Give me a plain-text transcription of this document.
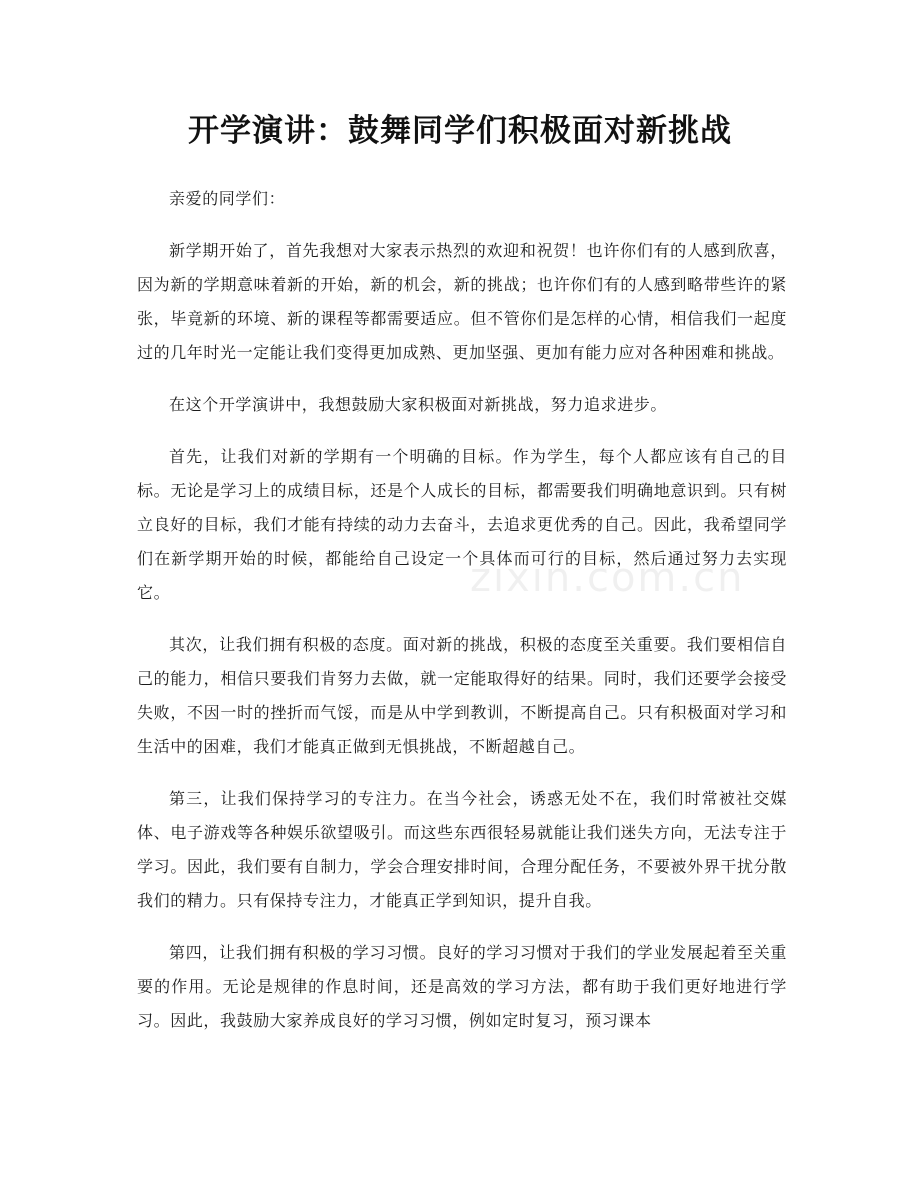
开学演讲：鼓舞同学们积极面对新挑战
zixin.com.cn

亲爱的同学们：

新学期开始了，首先我想对大家表示热烈的欢迎和祝贺！也许你们有的人感到欣喜，因为新的学期意味着新的开始，新的机会，新的挑战；也许你们有的人感到略带些许的紧张，毕竟新的环境、新的课程等都需要适应。但不管你们是怎样的心情，相信我们一起度过的几年时光一定能让我们变得更加成熟、更加坚强、更加有能力应对各种困难和挑战。

在这个开学演讲中，我想鼓励大家积极面对新挑战，努力追求进步。

首先，让我们对新的学期有一个明确的目标。作为学生，每个人都应该有自己的目标。无论是学习上的成绩目标，还是个人成长的目标，都需要我们明确地意识到。只有树立良好的目标，我们才能有持续的动力去奋斗，去追求更优秀的自己。因此，我希望同学们在新学期开始的时候，都能给自己设定一个具体而可行的目标，然后通过努力去实现它。

其次，让我们拥有积极的态度。面对新的挑战，积极的态度至关重要。我们要相信自己的能力，相信只要我们肯努力去做，就一定能取得好的结果。同时，我们还要学会接受失败，不因一时的挫折而气馁，而是从中学到教训，不断提高自己。只有积极面对学习和生活中的困难，我们才能真正做到无惧挑战，不断超越自己。

第三，让我们保持学习的专注力。在当今社会，诱惑无处不在，我们时常被社交媒体、电子游戏等各种娱乐欲望吸引。而这些东西很轻易就能让我们迷失方向，无法专注于学习。因此，我们要有自制力，学会合理安排时间，合理分配任务，不要被外界干扰分散我们的精力。只有保持专注力，才能真正学到知识，提升自我。

第四，让我们拥有积极的学习习惯。良好的学习习惯对于我们的学业发展起着至关重要的作用。无论是规律的作息时间，还是高效的学习方法，都有助于我们更好地进行学习。因此，我鼓励大家养成良好的学习习惯，例如定时复习，预习课本
